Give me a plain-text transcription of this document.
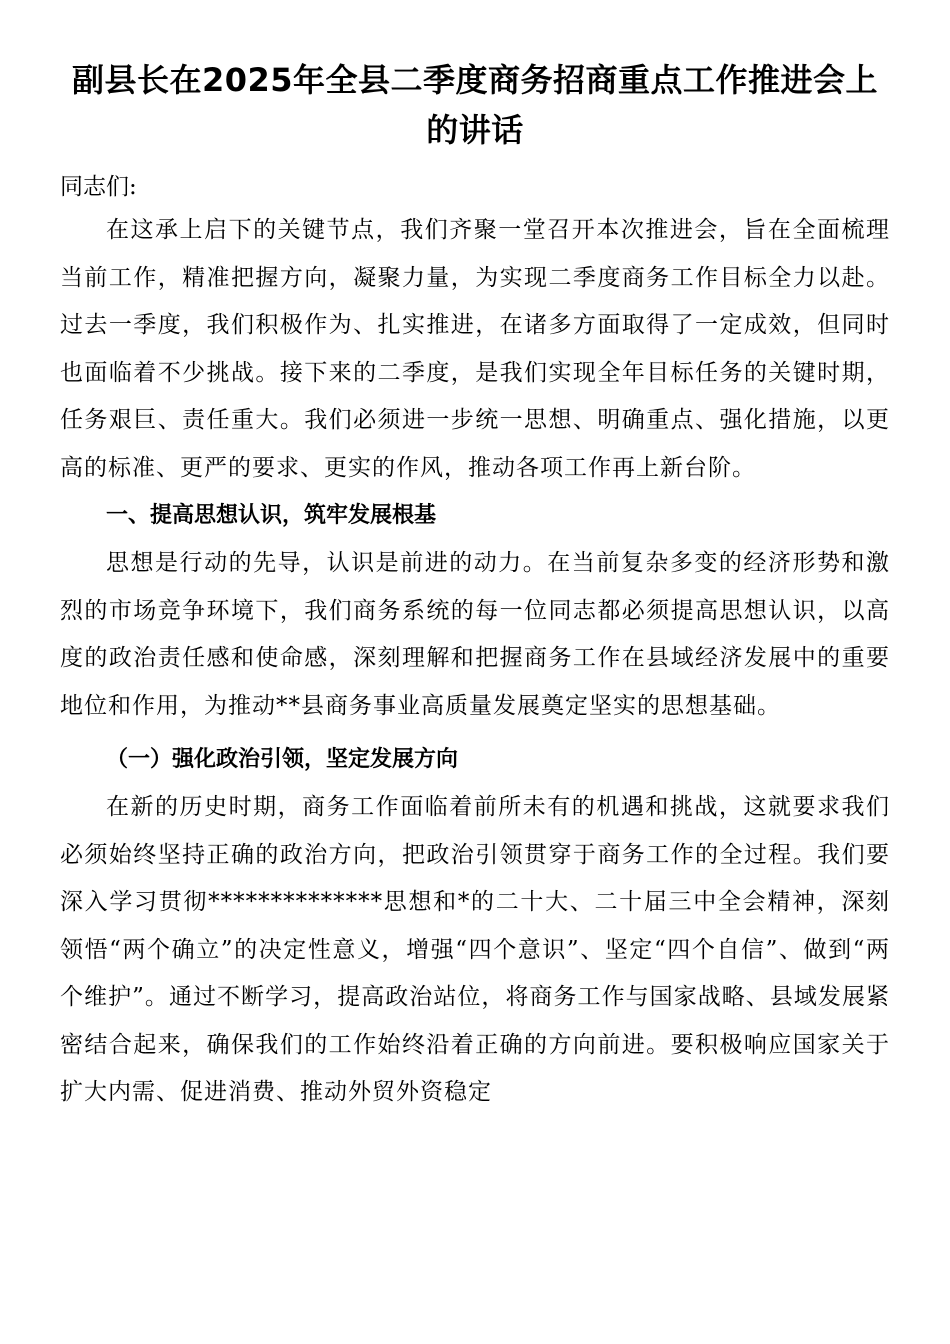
副县长在2025年全县二季度商务招商重点工作推进会上的讲话

同志们:

在这承上启下的关键节点，我们齐聚一堂召开本次推进会，旨在全面梳理当前工作，精准把握方向，凝聚力量，为实现二季度商务工作目标全力以赴。过去一季度，我们积极作为、扎实推进，在诸多方面取得了一定成效，但同时也面临着不少挑战。接下来的二季度，是我们实现全年目标任务的关键时期，任务艰巨、责任重大。我们必须进一步统一思想、明确重点、强化措施，以更高的标准、更严的要求、更实的作风，推动各项工作再上新台阶。

一、提高思想认识，筑牢发展根基

思想是行动的先导，认识是前进的动力。在当前复杂多变的经济形势和激烈的市场竞争环境下，我们商务系统的每一位同志都必须提高思想认识，以高度的政治责任感和使命感，深刻理解和把握商务工作在县域经济发展中的重要地位和作用，为推动**县商务事业高质量发展奠定坚实的思想基础。

（一）强化政治引领，坚定发展方向

在新的历史时期，商务工作面临着前所未有的机遇和挑战，这就要求我们必须始终坚持正确的政治方向，把政治引领贯穿于商务工作的全过程。我们要深入学习贯彻**************思想和*的二十大、二十届三中全会精神，深刻领悟“两个确立”的决定性意义，增强“四个意识”、坚定“四个自信”、做到“两个维护”。通过不断学习，提高政治站位，将商务工作与国家战略、县域发展紧密结合起来，确保我们的工作始终沿着正确的方向前进。要积极响应国家关于扩大内需、促进消费、推动外贸外资稳定
